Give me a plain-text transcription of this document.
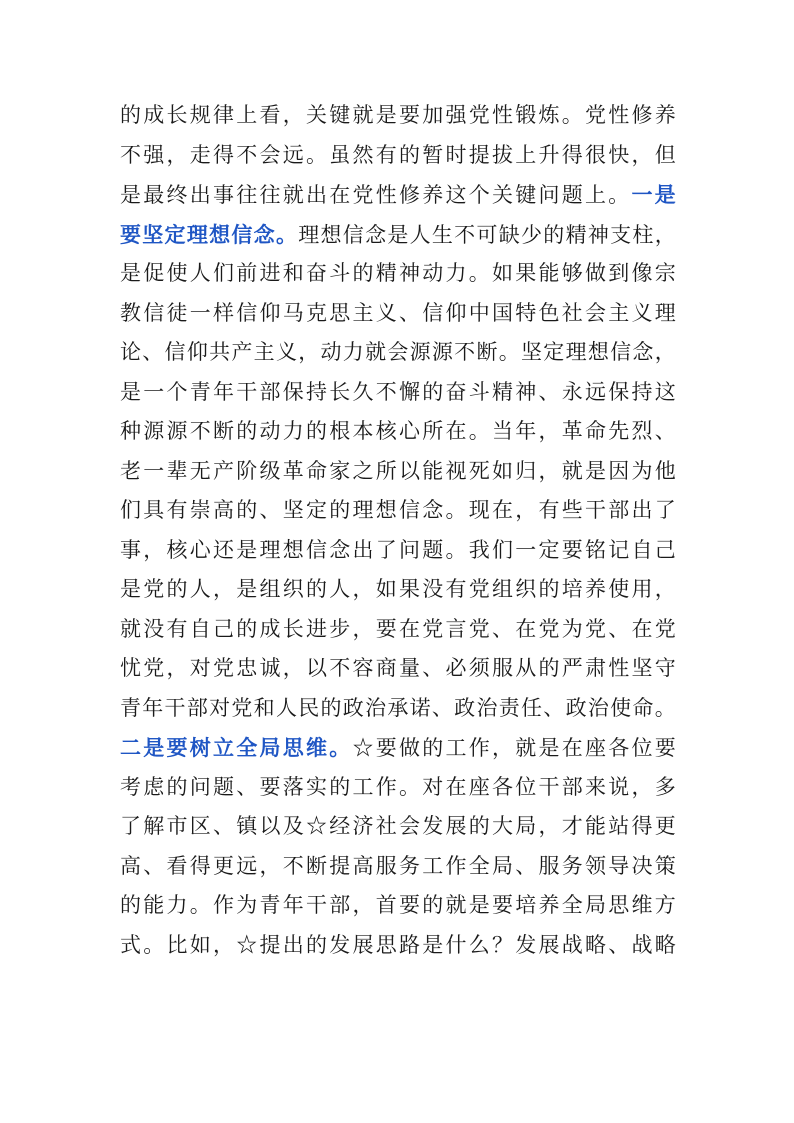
的成长规律上看，关键就是要加强党性锻炼。党性修养
不强，走得不会远。虽然有的暂时提拔上升得很快，但
是最终出事往往就出在党性修养这个关键问题上。一是
要坚定理想信念。理想信念是人生不可缺少的精神支柱，
是促使人们前进和奋斗的精神动力。如果能够做到像宗
教信徒一样信仰马克思主义、信仰中国特色社会主义理
论、信仰共产主义，动力就会源源不断。坚定理想信念，
是一个青年干部保持长久不懈的奋斗精神、永远保持这
种源源不断的动力的根本核心所在。当年，革命先烈、
老一辈无产阶级革命家之所以能视死如归，就是因为他
们具有崇高的、坚定的理想信念。现在，有些干部出了
事，核心还是理想信念出了问题。我们一定要铭记自己
是党的人，是组织的人，如果没有党组织的培养使用，
就没有自己的成长进步，要在党言党、在党为党、在党
忧党，对党忠诚，以不容商量、必须服从的严肃性坚守
青年干部对党和人民的政治承诺、政治责任、政治使命。
二是要树立全局思维。☆要做的工作，就是在座各位要
考虑的问题、要落实的工作。对在座各位干部来说，多
了解市区、镇以及☆经济社会发展的大局，才能站得更
高、看得更远，不断提高服务工作全局、服务领导决策
的能力。作为青年干部，首要的就是要培养全局思维方
式。比如，☆提出的发展思路是什么？发展战略、战略
